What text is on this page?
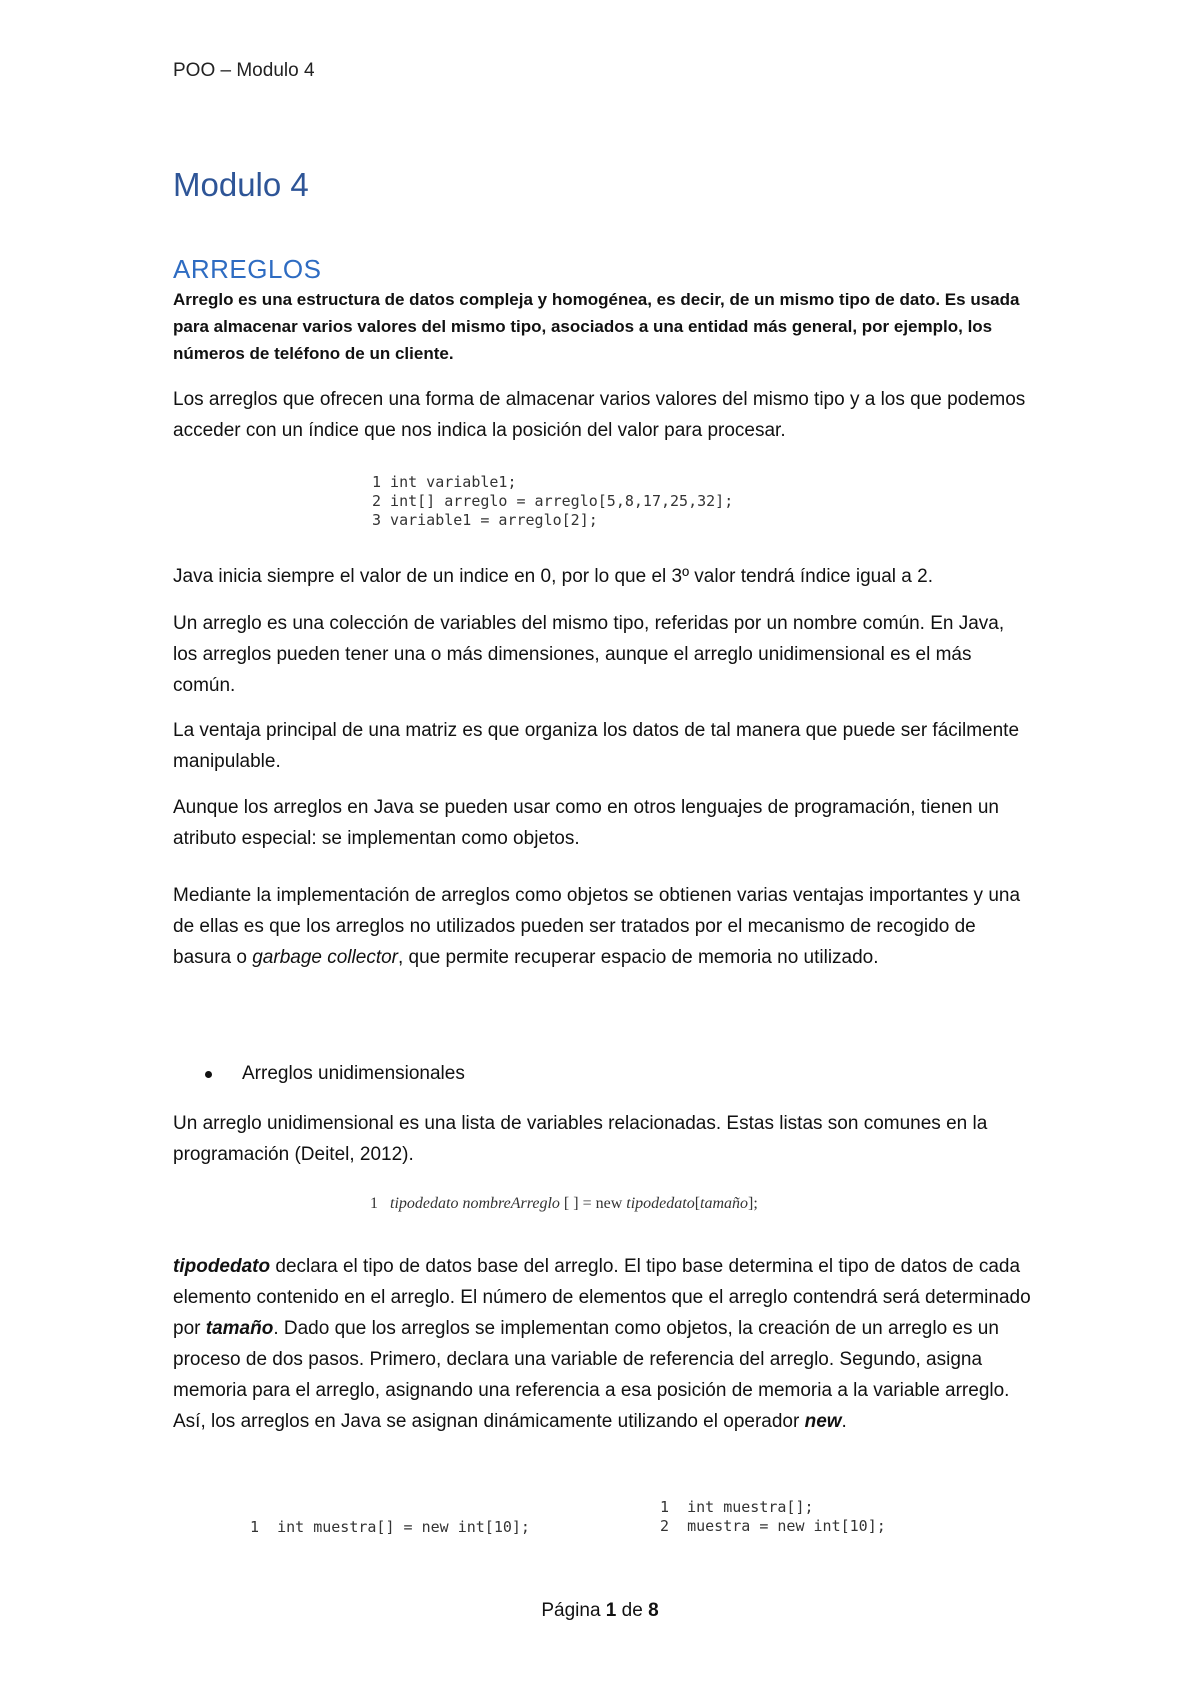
POO – Modulo 4
Modulo 4
ARREGLOS

Arreglo es una estructura de datos compleja y homogénea, es decir, de un mismo tipo de dato. Es usada para almacenar varios valores del mismo tipo, asociados a una entidad más general, por ejemplo, los números de teléfono de un cliente.

Los arreglos que ofrecen una forma de almacenar varios valores del mismo tipo y a los que podemos acceder con un índice que nos indica la posición del valor para procesar.

1 int variable1;
2 int[] arreglo = arreglo[5,8,17,25,32];
3 variable1 = arreglo[2];

Java inicia siempre el valor de un indice en 0, por lo que el 3º valor tendrá índice igual a 2.

Un arreglo es una colección de variables del mismo tipo, referidas por un nombre común. En Java, los arreglos pueden tener una o más dimensiones, aunque el arreglo unidimensional es el más común.

La ventaja principal de una matriz es que organiza los datos de tal manera que puede ser fácilmente manipulable.

Aunque los arreglos en Java se pueden usar como en otros lenguajes de programación, tienen un atributo especial: se implementan como objetos.

Mediante la implementación de arreglos como objetos se obtienen varias ventajas importantes y una de ellas es que los arreglos no utilizados pueden ser tratados por el mecanismo de recogido de basura o garbage collector, que permite recuperar espacio de memoria no utilizado.

Arreglos unidimensionales

Un arreglo unidimensional es una lista de variables relacionadas. Estas listas son comunes en la programación (Deitel, 2012).

1 tipodedato nombreArreglo [ ] = new tipodedato[tamaño];

tipodedato declara el tipo de datos base del arreglo. El tipo base determina el tipo de datos de cada elemento contenido en el arreglo. El número de elementos que el arreglo contendrá será determinado por tamaño. Dado que los arreglos se implementan como objetos, la creación de un arreglo es un proceso de dos pasos. Primero, declara una variable de referencia del arreglo. Segundo, asigna memoria para el arreglo, asignando una referencia a esa posición de memoria a la variable arreglo. Así, los arreglos en Java se asignan dinámicamente utilizando el operador new.

1  int muestra[] = new int[10];
1  int muestra[];
2  muestra = new int[10];
Página 1 de 8
